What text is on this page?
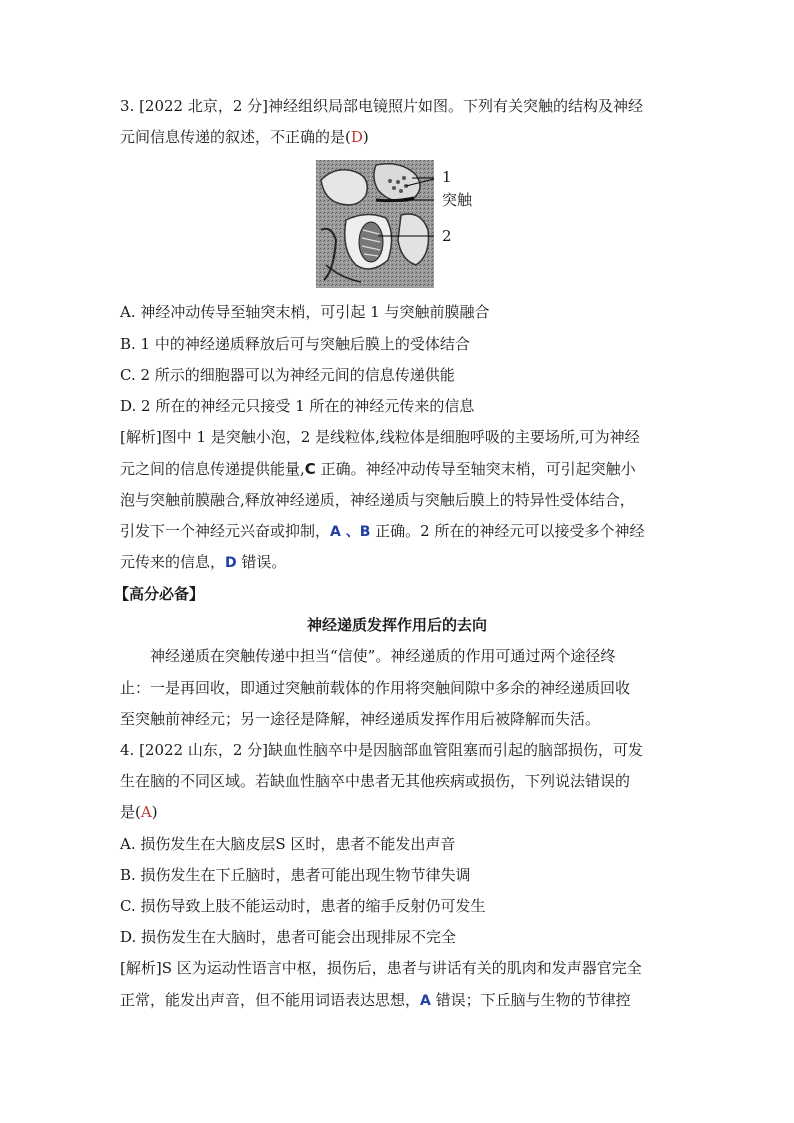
3. [2022 北京，2 分]神经组织局部电镜照片如图。下列有关突触的结构及神经
元间信息传递的叙述，不正确的是(D)
1
突触
2
A. 神经冲动传导至轴突末梢，可引起 1 与突触前膜融合
B. 1 中的神经递质释放后可与突触后膜上的受体结合
C. 2 所示的细胞器可以为神经元间的信息传递供能
D. 2 所在的神经元只接受 1 所在的神经元传来的信息
[解析]图中 1 是突触小泡，2 是线粒体,线粒体是细胞呼吸的主要场所,可为神经
元之间的信息传递提供能量,C 正确。神经冲动传导至轴突末梢，可引起突触小
泡与突触前膜融合,释放神经递质，神经递质与突触后膜上的特异性受体结合，
引发下一个神经元兴奋或抑制，A 、B 正确。2 所在的神经元可以接受多个神经
元传来的信息，D 错误。
【高分必备】
神经递质发挥作用后的去向
神经递质在突触传递中担当“信使”。神经递质的作用可通过两个途径终
止：一是再回收，即通过突触前载体的作用将突触间隙中多余的神经递质回收
至突触前神经元；另一途径是降解，神经递质发挥作用后被降解而失活。
4. [2022 山东，2 分]缺血性脑卒中是因脑部血管阻塞而引起的脑部损伤，可发
生在脑的不同区域。若缺血性脑卒中患者无其他疾病或损伤，下列说法错误的
是(A)
A. 损伤发生在大脑皮层S 区时，患者不能发出声音
B. 损伤发生在下丘脑时，患者可能出现生物节律失调
C. 损伤导致上肢不能运动时，患者的缩手反射仍可发生
D. 损伤发生在大脑时，患者可能会出现排尿不完全
[解析]S 区为运动性语言中枢，损伤后，患者与讲话有关的肌肉和发声器官完全
正常，能发出声音，但不能用词语表达思想，A 错误；下丘脑与生物的节律控
